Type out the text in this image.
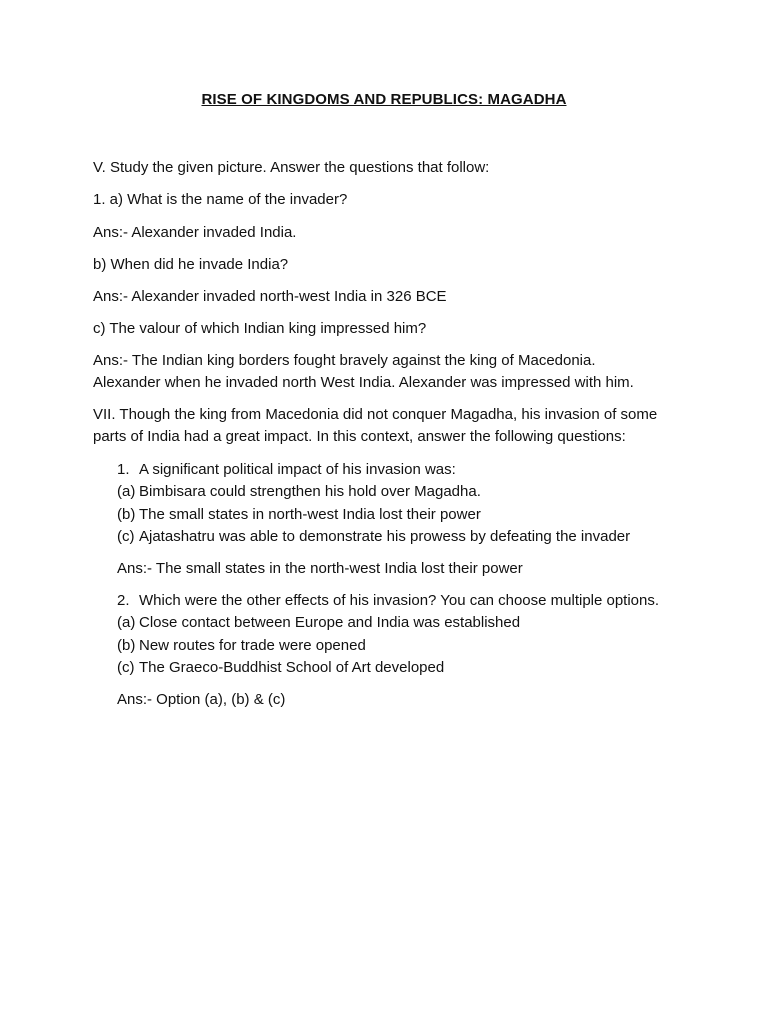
RISE OF KINGDOMS AND REPUBLICS: MAGADHA
V. Study the given picture. Answer the questions that follow:
1. a) What is the name of the invader?
Ans:- Alexander invaded India.
b) When did he invade India?
Ans:- Alexander invaded north-west India in 326 BCE
c) The valour of which Indian king impressed him?
Ans:- The Indian king borders fought bravely against the king of Macedonia.
Alexander when he invaded north West India. Alexander was impressed with him.
VII. Though the king from Macedonia did not conquer Magadha, his invasion of some
parts of India had a great impact. In this context, answer the following questions:
1. A significant political impact of his invasion was:
(a) Bimbisara could strengthen his hold over Magadha.
(b) The small states in north-west India lost their power
(c) Ajatashatru was able to demonstrate his prowess by defeating the invader
Ans:- The small states in the north-west India lost their power
2. Which were the other effects of his invasion? You can choose multiple options.
(a) Close contact between Europe and India was established
(b) New routes for trade were opened
(c) The Graeco-Buddhist School of Art developed
Ans:- Option (a), (b) & (c)
